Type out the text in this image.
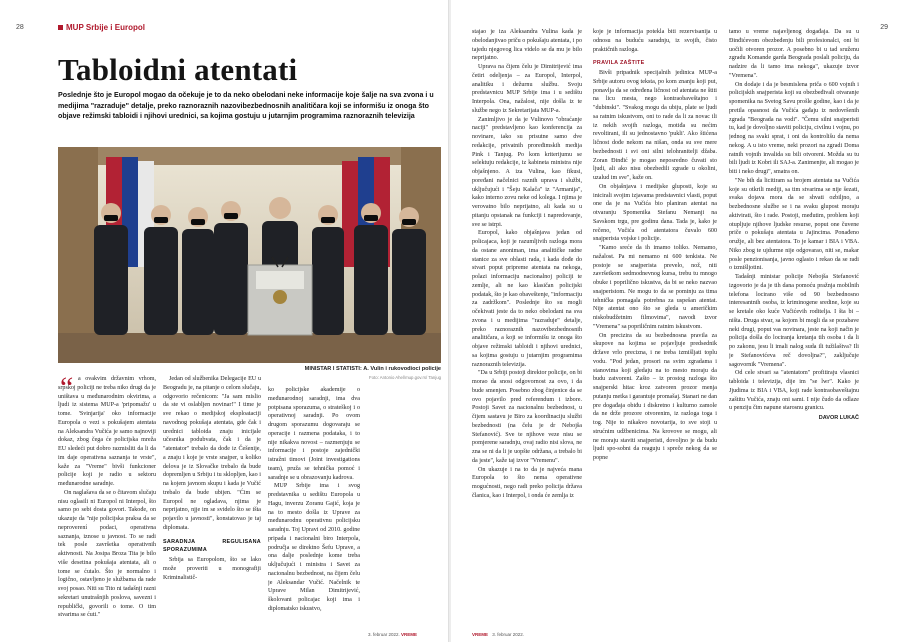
28	MUP Srbije i Europol
Tabloidni atentati

Poslednje što je Europol mogao da očekuje je to da neko obelodani neke informacije koje šalje na sva zvona i u medijima "razraduje" detalje, preko raznoraznih nazovibezbednosnih analitičara koji se informišu iz onoga što objave režimski tabloidi i njihovi urednici, sa kojima gostuju u jutarnjim programima raznoraznih televizija

MINISTAR I STATISTI: A. Vulin i rukovodioci policije
Foto: Antonio Ahel/mup.gov.rs/ Tanjug
“ a ovakvim državnim vrhom, srpskoj policiji ne treba niko drugi da je uništava u međunarodnim okvirima, a ljudi iz sistema MUP-a 'pripomažu' u tome. 'Svinjarija' oko informacije Europola o vezi s pokušajem atentata na Aleksandra Vučića je samo najnoviji dokaz, zbog čega će policijska mreža EU sledeći put dobro razmisliti da li da im daje operativna saznanja te vrste", kaže za "Vreme" bivši funkcioner policije koji je radio u sektoru međunarodne saradnje.

On naglašava da se o čitavom slučaju nisu oglasili ni Europol ni Interpol, što samo po sebi dosta govori. Takođe, on ukazuje da "nije policijska praksa da se neproverení podaci, operativna saznanja, iznose u javnost. To se radi tek posle završetka operativnih aktivnosti. Na Josipa Broza Tita je bilo više desetina pokušaja atentata, ali o tome se ćutalo. Što je normalno i logično, ostavljeno je službama da rade svoj posao. Niti su Tito ni tadašnji razni sekretari unutrašnjih poslova, savezni i republički, govorili o tome. O tim stvarima se ćuti."

Jedan od službenika Delegacije EU u Beogradu je, na pitanje o celom slučaju, odgovorio rečenicom: "Ja sam mislio da ste vi oslabljen novinar!" I time je sve rekao o medijskoj eksploataciji navodnog pokušaja atentata, gde čak i urednici tabloida znaju iniciјale učesnika podubvata, čak i da je "atentator" trebalo da dođe iz Češenije, a znaju i koje je vrste snajper, u koliko delova je iz Slovačke trebalo da bude dopremljen u Srbiju i tu sklopljen, kao i na kojem javnom skupu i kada je Vučić trebalo da bude ubijen. "Ćim se Europol ne ogladava, njima je neprijatno, njje im se svidelo što se išta pojavilo u javnosti", konstatovao je taj diplomata.

SARADNJA REGULISANA SPORAZUMIMA

Srbija sa Europolom, što se lako može proveriti u monografiji Kriminalistič-

ko policijske akademije o međunarodnoj saradnji, ima dva potpisana sporazuma, o strateškoj i o operativnoj saradnji. Po ovom drugom sporazumu dogovaraju se operacije i razmena podataka, i to nije nikakva novost – razmenjuju se informacije i postoje zajednički istražni timovi (Joint investigations team), pruža se tehnička pomoć i saradnje se u obrazovanju kadrova.

MUP Srbije ima i svog predstavnika u sedištu Europola u Hagu, inverzu Zoranu Gajić, koja je na to mesto došla iz Uprave za međunarodnu operativnu policijsku saradnju. Toj Upravi od 2010. godine pripada i nacionalni biro Interpola, područja se direktno Šefu Uprave, a ona dalje poslednje kome treba uključujući i ministra i Savet za nacionalnu bezbednost, na čijem čelu je Aleksandar Vučić. Načelnik te Uprave Milan Dimitrijević, školovani policajac koji ima i diplomatsko iskustvo,

3. februar 2022. VREME
29

stajao je iza Aleksandra Vulina kada je obelodanjivao priču o pokušaju atentata, i po tajedu njegovog lica videlo se da mu je bilo neprijatno.

Uprava na čijem čelu je Dimitrijević ima četiri odeljenja – za Europol, Interpol, analitiku i dežurnu službu. Svoju predstavnicu MUP Srbije ima i u sedištu Interpola. Ona, nažalost, nije došla iz te službe nego iz Sekretarijata MUP-a.

Zanimljivo je da je Vulinovo "obraćanje naciji" predstavljeno kao konferencija za novinare, iako su prisutne samo dve redakcije, privatnih proređimskih medija Pink i Tanjug. Po kom kriterijumu se selektuju redakcije, iz kabineta ministra nije objašnjeno. A iza Vulina, kao fikusi, poređani načelnici raznih uprava i službi, uključujući i "Šeju Kalača" iz "Armanija", kako interno zovu neke od kolega. I njima je verovatno bilo neprijatno, ali kada su u pitanju opstanak na funkciji i napredovanje, sve se istrpi.

Europol, kako objašnjava jedan od policajaca, koji je razumljivih razloga mora da ostane anoniman, ima analitičke radne stanice za sve oblasti rada, i kada dođe do stvari poput pripreme atentata na nekoga, polazi informaciju nacionalnoj policiji te zemlje, ali ne kao klasičan policijski podatak, što je kao obaveštenje, "informaciju za zadržkom". Poslednje što su mogli očekivati jeste da to neko obelodani na sva zvona i u medijima "razraduje" detalje, preko raznoraznih nazovibezbednosnih analitičara, a koji se informišu iz onoga što objave režimski tabloidi i njihovi urednici, sa kojima gostuju u jutarnjim programima raznoraznih televizija.

"Da u Srbiji postoji direktor policije, on bi morao da snosi odgovornost za ovo, i da bude smenjen. Posebno zbog činjenice da se ovo pojavilo pred referendum i izbore. Postoji Savet za nacionalnu bezbednost, u čijem sastavu je Biro za koordinaciju službi bezbednosti (na čelu je dr Nebojša Stefanović). Sve te njihove veze nisu se pomjerene saradnju, ovaj radio nisi slova, ne zna se ni da li je uopšte održana, a trebalo bi da jeste", kaže taj izvor "Vremenu".

On ukazuje i na to da je najveća mana Europola to što nema operativne mogućnosti, nego radi preko policija država članica, kao i Interpol, i onda će zemlja iz

koje je informacija potekla biti rezervisanija u odnosu na buduću saradnju, iz svojih, čisto praktičnih razloga.

PRAVILA ZAŠTITE

Bivši pripadnik specijalnih jedinica MUP-a Srbije autoru ovog teksta, po kom znanju koji put, ponavlja da se određena ličnost od atentata ne štiti na licu mesta, nego kontraobaveštajnо i "dubinski". "Svakog mogu da ubiju, plate se ljudi sa ratnim iskustvom, oni to rade da li za novac ili iz nekih svojih razloga, motiđa su nećim revoltirani, ili su jednostavno 'pukli'. Ako štićena ličnost dođe nekom na nišan, onda su sve mere bezbednosti i svi oni silni telohranitelji džaba. Zoran Đinđić je mogao neposredno čuvati sto ljudi, ali ako nisu obezbedili zgrade u okolini, uzalud im sve", kaže on.

On objašnjava i medijske gluposti, koje su inicirali svojim izjavama predstavnici vlasti, poput one da je na Vučića bio planiran atentat na otvaranju Spomenika Stefanu Nemanji na Savskom trgu, pre godinu dana. Tada je, kako je rečeno, Vučića od atentatora čuvalo 600 snajperista vojske i policije.

"Kamo sreće da ih imamo toliko. Nemamo, nažalost. Pa mi nemamo ni 600 tenkista. Ne postoje se snajperista prevelo, nož, niti završetkom sedmodnevnog kursa, trebu tu mnogo obuke i popriličnо iskustva, da bi se neko nazvao snajperistom. Ne mogu to da se pominju za tima tehnička pomagala potrebna za uspešan atentat. Nije atentat ono što se gleda u američkim niskobudžetnim filmovima", navodi izvor "Vremena" sa popriličnim ratnim iskustvom.

On precizira da su bezbednosna pravila za skupove na kojima se pojavljuje predsednik države vrlo precizna, i ne treba izmišljati toplu vodu. "Pod jedan, prosori na svim zgradama i stanovima koji gledaju na to mesto moraju da budu zatvoreni. Zašto – iz prostog razloga što snajperski hitac kroz zatvoren prozor menja putanju metka i garantuje promašaj. Stanari ne dan pre događaja obiđu i diskretno i kulturno zamole da ne drže prozore otvorenim, iz razloga toga i tog. Nije to nikakvo novotarija, to sve stoji u strućnim udžbenicima. Na krovove se mogu, ali ne moraju staviti snajperisti, dovoljno je da budu ljudi spo-sobni da reaguju i spreče nekog da se popne

tamo u vreme najavljenog događaja. Da su u Đinđićevom obezbeđenju bili profesionalci, oni bi uočili otvoren prozor. A posebno bi u tad sruženu zgradu Komande garda Beograda poslali policiju, da nadzire da li tamo ima nekoga", ukazuje izvor "Vremena".

On dodaje i da je besmislena priča o 600 vojnih i policijskih snajperista koji su obezbeđivali otvaranje spomenika na Svetog Savu prošle godine, kao i da je pretila opasnost da Vučića gađaju iz nedovršenih zgrada "Beograda na vodi". "Čemu silni snajperisti tu, kad je dovoljno staviti policiju, civilnu i vojnu, po jednog na svaki sprat, i oni da kontrolišu da nema nekog. A u isto vreme, neki prozori na zgradi Doma ratnih vojnih invalida su bili otvoreni. Možda su tu bili ljudi iz Kobri ili SAJ-a. Zanimenjte, ali mogao je biti i neko drugi", smatra on.

"Ne bih da licitiram sa brojem atentata na Vučića koje su otkrili mediji, sa tim stvarima se nije šezati, svaka dojava mora da se shvati ozbiljno, a bezbednosne službe se i na svaku glupost moraju aktivirati, što i rade. Postoji, međutim, problem koji otupljuje njihove ljudske resurse, poput one čuvene priče o pokušaju atentata u Jajincima. Ponađeno oružje, ali bez atentatora. To je kamar i BIA i VBA. Niko zbog te ujdurme nije odgovarao, niti se, makar posle penzionisanja, javno oglasio i rekao da se radi o izmišljotini.

Tadašnji ministar policije Nebojša Stefanović izgovorio je da je tih dana pomoću pražnja mobilnih telefona locirano više od 90 bezbednosno interesantnih osoba, iz kriminogene sredine, koje su se kretale oko kuće Vučićevih roditelja. I šta bi – ništa. Druga stvar, sa kojom bi mogli da se pozabave neki drugi, poput vas novinara, jeste na koji način je policija došla do lociranja kretanja tih osoba i da li po zakonu, jesu li imali nalog suda ili tužilaštva? Ili je Stefanovićeva reč dovoljna?", zaključuje sagovornik "Vremena".

Od cele stvari sa "atentatom" profitiraju vlasnici tabloida i televizija, dije im "se lwr". Kako je Jjudima iz BIA i VBA, koji rade kontraobaveštajnu zaštitu Vučića, znaju oni sami. I nije čudo da odlaze u penziju čim napune starosnu granicu.

DAVOR LUKAČ
VREME 3. februar 2022.
